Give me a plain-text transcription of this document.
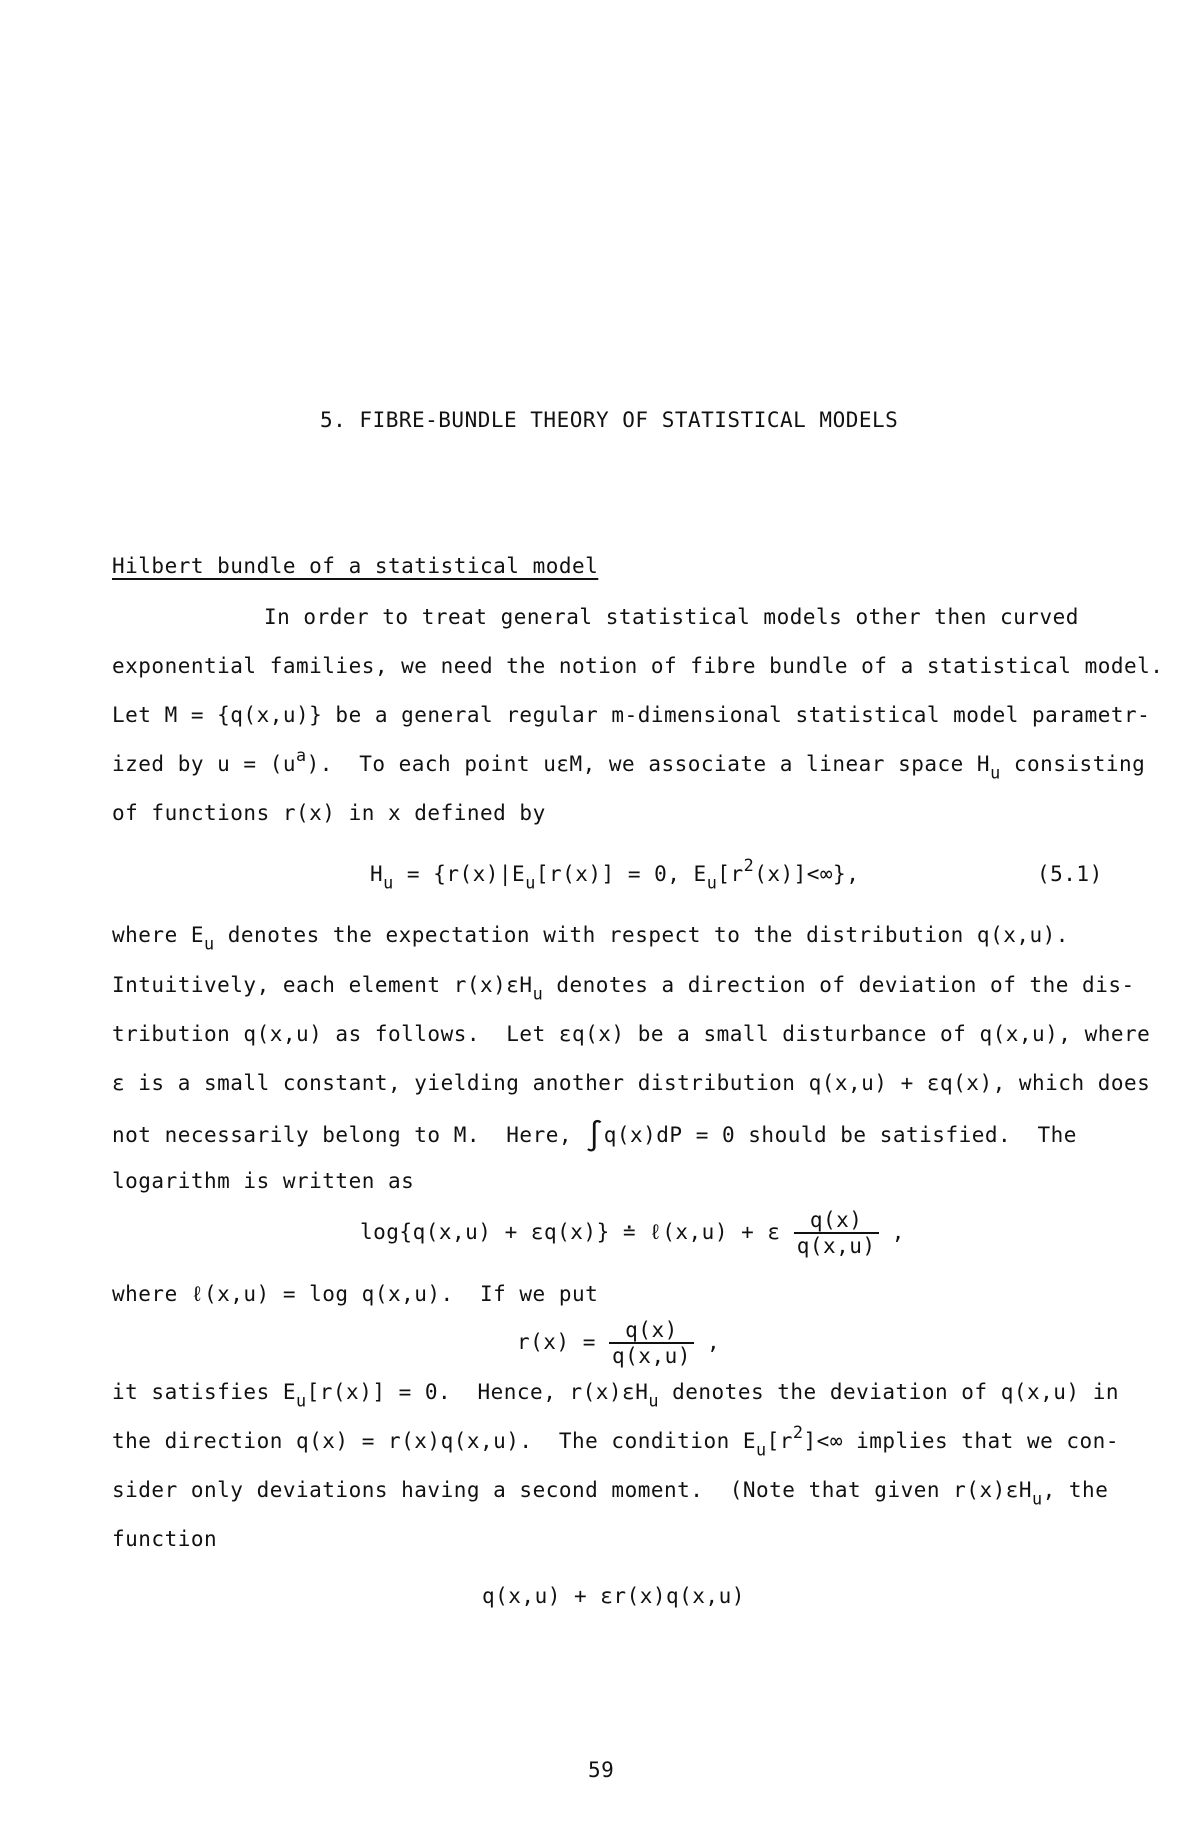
5. FIBRE-BUNDLE THEORY OF STATISTICAL MODELS
Hilbert bundle of a statistical model
In order to treat general statistical models other then curved
exponential families, we need the notion of fibre bundle of a statistical model.
Let M = {q(x,u)} be a general regular m-dimensional statistical model parametr-
ized by $u = (u^a)$.  To each point uεM, we associate a linear space $H_u$ consisting
of functions r(x) in x defined by
$H_u = \{r(x)|E_u[r(x)] = 0$, $E_u[r^2(x)]<\infty$},	(5.1)
where $E_u$ denotes the expectation with respect to the distribution q(x,u).
Intuitively, each element $r(x)\varepsilon H_u$ denotes a direction of deviation of the dis-
tribution q(x,u) as follows.  Let εq(x) be a small disturbance of q(x,u), where
ε is a small constant, yielding another distribution q(x,u) + εq(x), which does
not necessarily belong to M.  Here, ∫q(x)dP = 0 should be satisfied.  The
logarithm is written as
log{q(x,u) + εq(x)} ≐ ℓ(x,u) + ε $\frac{q(x)}{q(x,u)}$ ,
where ℓ(x,u) = log q(x,u).  If we put
$r(x) = \frac{q(x)}{q(x,u)}$ ,
it satisfies $E_u[r(x)] = 0$.  Hence, $r(x)\varepsilon H_u$ denotes the deviation of q(x,u) in
the direction q(x) = r(x)q(x,u).  The condition $E_u[r^2]<\infty$ implies that we con-
sider only deviations having a second moment.  (Note that given $r(x)\varepsilon H_u$, the
function
q(x,u) + εr(x)q(x,u)
59
